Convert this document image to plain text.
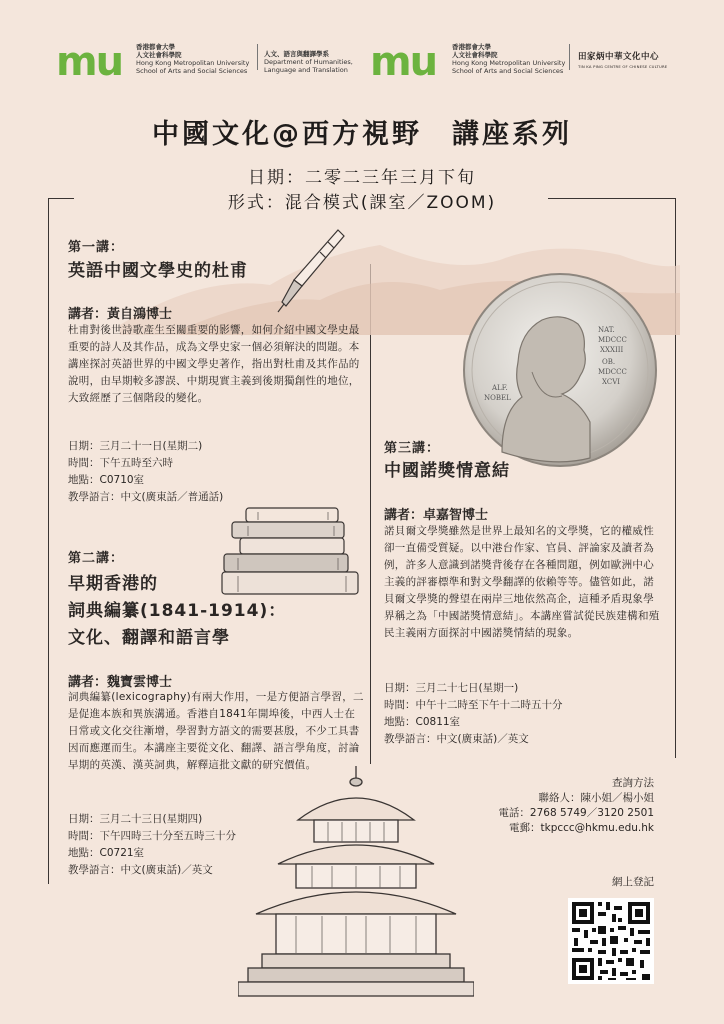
mu 香港都會大學
人文社會科學院
Hong Kong Metropolitan University
School of Arts and Social Sciences
人文、語言與翻譯學系
Department of Humanities,
Language and Translation mu 香港都會大學
人文社會科學院
Hong Kong Metropolitan University
School of Arts and Social Sciences
田家炳中華文化中心
TIN KA PING CENTRE OF CHINESE CULTURE
中國文化@西方視野　講座系列
日期：二零二三年三月下旬
形式：混合模式(課室／ZOOM)
NAT.
MDCCC
XXXIII
OB.
MDCCC
XCVI
ALF.
NOBEL
第一講：
英語中國文學史的杜甫
講者：黃自鴻博士
杜甫對後世詩歌產生至關重要的影響，如何介紹中國文學史最重要的詩人及其作品，成為文學史家一個必須解決的問題。本講座探討英語世界的中國文學史著作，指出對杜甫及其作品的說明，由早期較多謬誤、中期現實主義到後期獨創性的地位，大致經歷了三個階段的變化。
日期：三月二十一日(星期二)
時間：下午五時至六時
地點：C0710室
教學語言：中文(廣東話／普通話)
第二講：
早期香港的
詞典編纂(1841-1914)：
文化、翻譯和語言學
講者：魏寶雲博士
詞典編纂(lexicography)有兩大作用，一是方便語言學習，二是促進本族和異族溝通。香港自1841年開埠後，中西人士在日常或文化交往漸增，學習對方語文的需要甚殷，不少工具書因而應運而生。本講座主要從文化、翻譯、語言學角度，討論早期的英漢、漢英詞典，解釋這批文獻的研究價值。
日期：三月二十三日(星期四)
時間：下午四時三十分至五時三十分
地點：C0721室
教學語言：中文(廣東話)／英文
第三講：
中國諾獎情意結
講者：卓嘉智博士
諾貝爾文學獎雖然是世界上最知名的文學獎，它的權威性卻一直備受質疑。以中港台作家、官員、評論家及讀者為例，許多人意識到諾獎背後存在各種問題，例如歐洲中心主義的評審標準和對文學翻譯的依賴等等。儘管如此，諾貝爾文學獎的聲望在兩岸三地依然高企，這種矛盾現象學界稱之為「中國諾獎情意結」。本講座嘗試從民族建構和殖民主義兩方面探討中國諾獎情結的現象。
日期：三月二十七日(星期一)
時間：中午十二時至下午十二時五十分
地點：C0811室
教學語言：中文(廣東話)／英文
查詢方法
聯絡人：陳小姐／楊小姐
電話：2768 5749／3120 2501
電郵：tkpccc@hkmu.edu.hk
網上登記
